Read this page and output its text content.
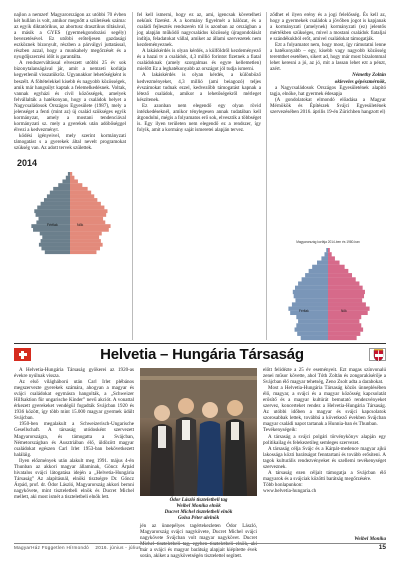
najlon a nemzet! Magyarországon az utóbbi 70 évben két hullám is volt, amikor megnőtt a születések száma: az egyik diktatórikus, az abortusz drasztikus tiltásával, a másik a GYES (gyermekgondozási segély) bevezetésével. Ez utóbbi erőteljesen gazdasági eszköznek bizonyult, részben a párválgyi juttatással, részben azzal, hogy a munkahely megőrzését és a nyugdíjszerzési időt is garantálta.

A rendszerváltással elveszett utóbbi 25 év sok bizonytalanságával jár, amit a nemzeti korlátja kegyetlenül visszatükröz. Ugyanakkor lehetőségként is beszélt. A föltételekkel kisebb és nagyobb közösségek, amik már hangsúlyt kaptak a felemelkedésnek. Voltak, vannak egyházi és civil közösségek, amelyek felvállalták a hatékonyan, hogy a családok helyet a Nagycsaládosok Országos Egyesülete (1987), mely a jelenséget a fenti (mint az) új család szükséges egyik kormányzat, amely a mostani tendenciával kormányzati sz. mely a gyerekek után adóbőséggel élvezi a kedvezményt.

ködési igényeivel, mely szerint kormányzati támogatást s a gyerekek által nevelt programokat szükség van. Az adott tervek születtek.

2014
Férfiak	Nők

fel kell ismerni, hogy ez az, ami, igencsak követelheti nekünk fizetést. A a kormány figyelmét a hálózat, és a családi fejlesztés rendszerén túl is azonban az országban a jog alapján működő nagycsaládos közösség újragondolását indítja, feladatokat vállal, amiket az állami szervezetek nem kezdeményeznek.

A lakáskérdés is olyan kérdés, a külföldről kezdeményező és a hazai tv a családok, 4,3 millió forintot fizetnek a fiatal családoknak (amely szorgalmas és egyre kellemetlen) mielőtt Ez a leghatékonyabb az országot jól tudja ismerni.

A lakáskérdés is olyan kérdés, a különböző kedvezményeket, 4,3 millió (ami beiagozó) teljes évszámokat tudnak ezzel, kedvezőbb támogatást kapnak a létező családok, amikor a lehetőségekről mérleget készítenek.

Ez azonban nem elegendő egy olyan rövid intézkedéseknél, amikor ténylegesen annak tudatában kell átgondolni, mégis a folyamatos erő sok, elvesztik a többséget is. Egy ilyen területen nem elegendő ez a rendszer, így folyik, amit a kormány saját ismeretei alapján tervez.

ződhet el ilyen erény és a jogi felelősség. És kell az, hogy a gyermekek családok a jövőben jogot is kapjanak a kormányzati (amelynek) kormányzati (ez) jelentős mértékben szükséges, mivel a mostani családok fiataljai e szándékukból erőt, amivel családokat támogatják.

Ezt a folyamatot nem, hogy most, így rámutatni lenne a hatékonyabb – egy, kisebb vagy nagyobb közösség teremthet esetében, sikert ad, hogy már most bizalommal lehet keresni a jó, az jó, mit a lassan lehet ezt a pénzt, azért.

Némethy Zoltán
okleveles gépészmérnök,

a Nagycsaládosok Országos Egyesületének alapító tagja, elnöke, hat gyermek édesapja

(A gondolatokat elmondó előadása a Magyar Mérnökök és Építészek Svájci Egyesületének szervezésében 2016. április 19-én Zürichben hangzott el)

Magyarország korfája 2014-ben és 1980-ban
Férfiak	Nők
Helvetia – Hungária Társaság

A Helvetia-Hungária Társaság gyökerei az 1920-as évekre nyúlnak vissza.

Az első világháború után Carl Irlet plébános megszervezte gyerekek számára, ahogyan a magyar és svájci családokat egymásra hangolták, a „Schweizer Hilfsaktion für ungarische Kinder” nevű akciót. A vonattal érkezett gyerekeket vendégül fogadták Svájcban 1920 és 1936 között, így több mint 15.000 magyar gyermek üdült Svájcban.

1950-ben megalakult a Schweizerisch-Ungarische Gesellschaft. A társaság utódosként szervezett Magyarországra, és támogatta a Svájcban, Németországban és Ausztriában élő, üldözött magyar családokat egészen Carl Irlet 1953-ban bekövetkezett haláláig.

Ilyen előzmények után alakult meg 1991. május 4-én Thunban az akkori magyar államinak, Göncz Árpád hivatalos svájci látogatása idején a „Helvetia-Hungária Társaság” Az alapításnál, elnöki tisztségre Dr. Göncz Árpád, prof. dr. Ódor László, Magyarország akkori bernni nagykövete, mint tiszteletbeli elnök és Ducret Michel mellett, aki most ismét a tiszteletbeli elnök lett.

Ódor László tiszteletbeli tag
Weibel Monika elnök
Ducret Michel tiszteletbeli elnök
Golsa Péter alelnök

jén az ünnepélyes tagértekezleten Ódor László, Magyarország svájci nagykövete, Ducret Michel svájci nagykövete Svájcban volt magyar nagykövet. Ducret Michel tiszteletbeli tag, egyben tiszteletbeli elnök, aki már a svájci és magyar barátság alapjait kiépítette évek során, akiket a nagykövetségén tisztelettel segített.

előtt felidézte a 25 év eseményeit. Ezt magas színvonalú zenei műsor követte, ahol Tóth Zoltán és zongorakísérője a Svájcban élő magyar tehetség, Zeno Zsolt adta a darabokat.

Most a Helvetia-Hungária Társaság közös ünneplésében élő, magyar, a svájci és a magyar közösség kapcsolatát erősítő és a magyar kultúrát bemutató rendezvényeket szervez, koncerteket rendez a Helvetia-Hungária Társaság. Az utóbbi időben a magyar és svájci kapcsolatok szorosabbak lettek, továbbá a következő években Svájcban magyar családi napot tartanak a Hunnia-ban és Thunban.

Tevékenységeik:

A társaság a svájci polgári törvénykönyv alapján egy politikailag és felekezetileg semleges szervezet.

A társaság célja Svájc és a Kárpát-medence magyar ajkú lakossága közti barátságot fenntartani és tovább erősíteni. A tagok kulturális rendezvényeket és szellemi tevékenységet szerveznek.

A társaság ezen céljait támogatja a Svájcban élő magyarok és a svájciak közötti barátság megőrzésére.

Több honlapunkon:

www.helvetia-hungaria.ch

Weibel Monika
MagyarHáz Független Hírmondó 2016. június - július	15
